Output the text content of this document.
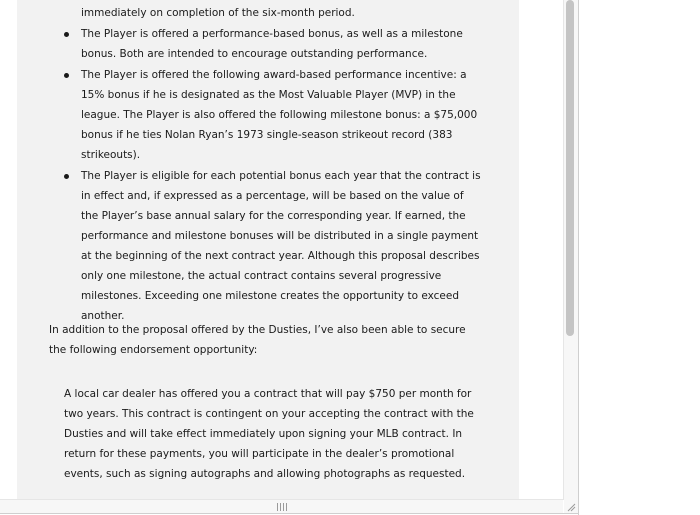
immediately on completion of the six-month period.
The Player is offered a performance-based bonus, as well as a milestone bonus. Both are intended to encourage outstanding performance.
The Player is offered the following award-based performance incentive: a 15% bonus if he is designated as the Most Valuable Player (MVP) in the league. The Player is also offered the following milestone bonus: a $75,000 bonus if he ties Nolan Ryan’s 1973 single-season strikeout record (383 strikeouts).
The Player is eligible for each potential bonus each year that the contract is in effect and, if expressed as a percentage, will be based on the value of the Player’s base annual salary for the corresponding year. If earned, the performance and milestone bonuses will be distributed in a single payment at the beginning of the next contract year. Although this proposal describes only one milestone, the actual contract contains several progressive milestones. Exceeding one milestone creates the opportunity to exceed another.
In addition to the proposal offered by the Dusties, I’ve also been able to secure the following endorsement opportunity:
A local car dealer has offered you a contract that will pay $750 per month for two years. This contract is contingent on your accepting the contract with the Dusties and will take effect immediately upon signing your MLB contract. In return for these payments, you will participate in the dealer’s promotional events, such as signing autographs and allowing photographs as requested.
